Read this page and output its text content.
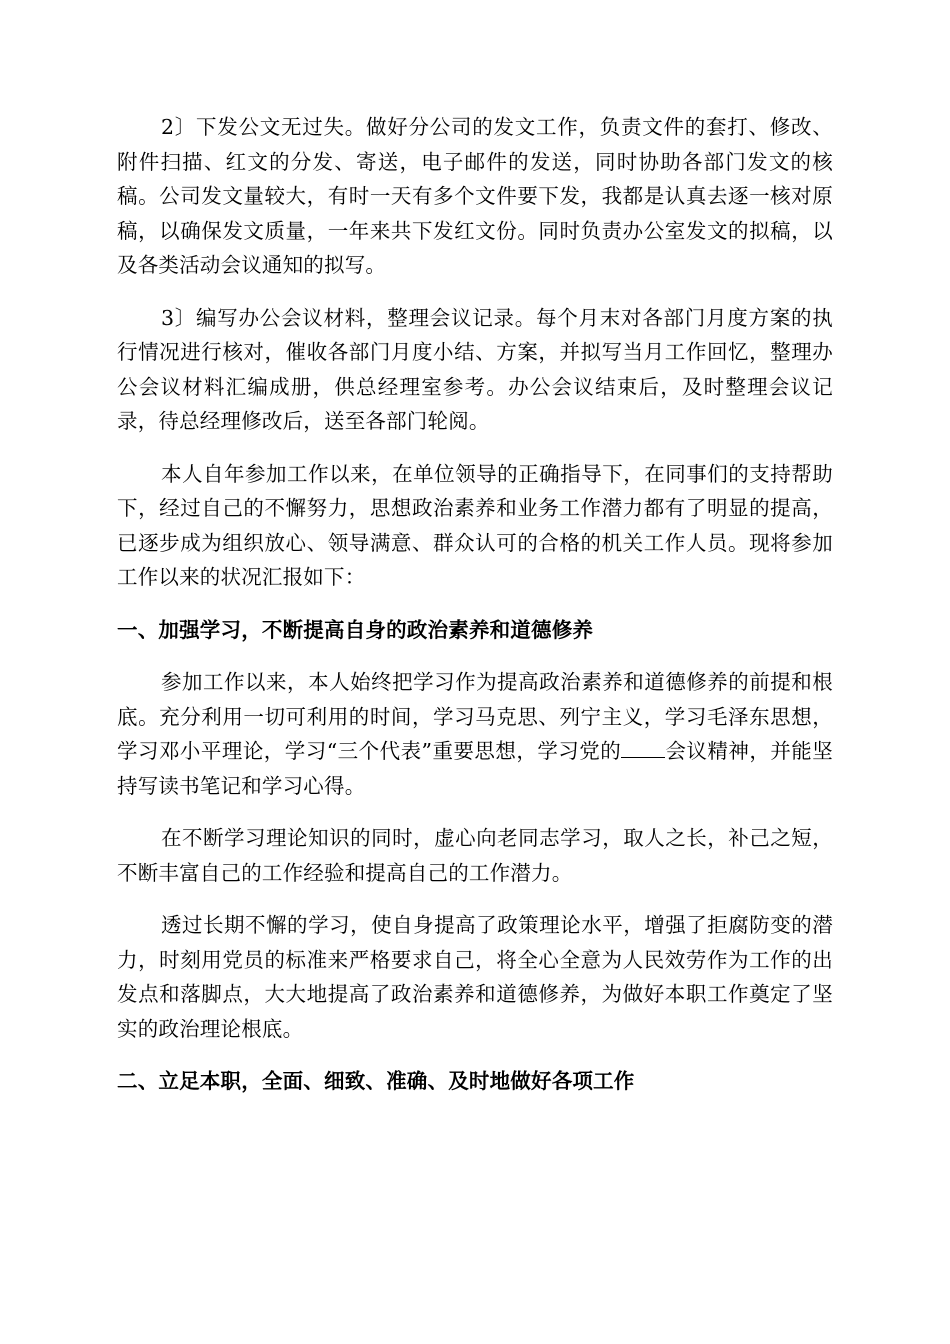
2〕下发公文无过失。做好分公司的发文工作，负责文件的套打、修改、附件扫描、红文的分发、寄送，电子邮件的发送，同时协助各部门发文的核稿。公司发文量较大，有时一天有多个文件要下发，我都是认真去逐一核对原稿，以确保发文质量，一年来共下发红文份。同时负责办公室发文的拟稿，以及各类活动会议通知的拟写。

3〕编写办公会议材料，整理会议记录。每个月末对各部门月度方案的执行情况进行核对，催收各部门月度小结、方案，并拟写当月工作回忆，整理办公会议材料汇编成册，供总经理室参考。办公会议结束后，及时整理会议记录，待总经理修改后，送至各部门轮阅。

本人自年参加工作以来，在单位领导的正确指导下，在同事们的支持帮助下，经过自己的不懈努力，思想政治素养和业务工作潜力都有了明显的提高，已逐步成为组织放心、领导满意、群众认可的合格的机关工作人员。现将参加工作以来的状况汇报如下：

一、加强学习，不断提高自身的政治素养和道德修养

参加工作以来，本人始终把学习作为提高政治素养和道德修养的前提和根底。充分利用一切可利用的时间，学习马克思、列宁主义，学习毛泽东思想，学习邓小平理论，学习“三个代表”重要思想，学习党的 会议精神，并能坚持写读书笔记和学习心得。

在不断学习理论知识的同时，虚心向老同志学习，取人之长，补己之短，不断丰富自己的工作经验和提高自己的工作潜力。

透过长期不懈的学习，使自身提高了政策理论水平，增强了拒腐防变的潜力，时刻用党员的标准来严格要求自己，将全心全意为人民效劳作为工作的出发点和落脚点，大大地提高了政治素养和道德修养，为做好本职工作奠定了坚实的政治理论根底。

二、立足本职，全面、细致、准确、及时地做好各项工作
